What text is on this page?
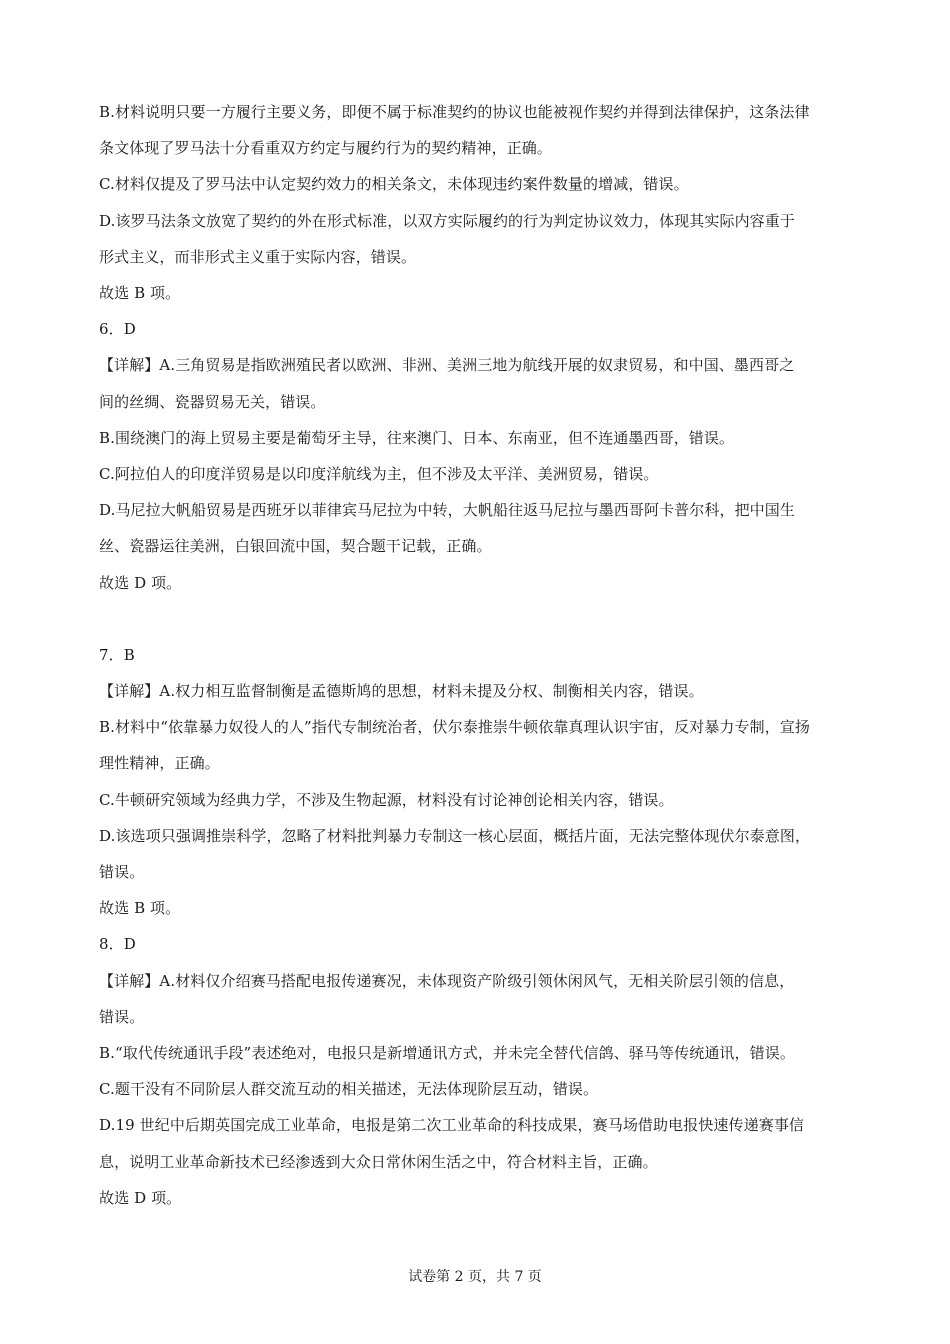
B.材料说明只要一方履行主要义务，即便不属于标准契约的协议也能被视作契约并得到法律保护，这条法律
条文体现了罗马法十分看重双方约定与履约行为的契约精神，正确。
C.材料仅提及了罗马法中认定契约效力的相关条文，未体现违约案件数量的增减，错误。
D.该罗马法条文放宽了契约的外在形式标准，以双方实际履约的行为判定协议效力，体现其实际内容重于
形式主义，而非形式主义重于实际内容，错误。
故选 B 项。
6．D
【详解】A.三角贸易是指欧洲殖民者以欧洲、非洲、美洲三地为航线开展的奴隶贸易，和中国、墨西哥之
间的丝绸、瓷器贸易无关，错误。
B.围绕澳门的海上贸易主要是葡萄牙主导，往来澳门、日本、东南亚，但不连通墨西哥，错误。
C.阿拉伯人的印度洋贸易是以印度洋航线为主，但不涉及太平洋、美洲贸易，错误。
D.马尼拉大帆船贸易是西班牙以菲律宾马尼拉为中转，大帆船往返马尼拉与墨西哥阿卡普尔科，把中国生
丝、瓷器运往美洲，白银回流中国，契合题干记载，正确。
故选 D 项。
7．B
【详解】A.权力相互监督制衡是孟德斯鸠的思想，材料未提及分权、制衡相关内容，错误。
B.材料中“依靠暴力奴役人的人”指代专制统治者，伏尔泰推崇牛顿依靠真理认识宇宙，反对暴力专制，宣扬
理性精神，正确。
C.牛顿研究领域为经典力学，不涉及生物起源，材料没有讨论神创论相关内容，错误。
D.该选项只强调推崇科学，忽略了材料批判暴力专制这一核心层面，概括片面，无法完整体现伏尔泰意图，
错误。
故选 B 项。
8．D
【详解】A.材料仅介绍赛马搭配电报传递赛况，未体现资产阶级引领休闲风气，无相关阶层引领的信息，
错误。
B.“取代传统通讯手段”表述绝对，电报只是新增通讯方式，并未完全替代信鸽、驿马等传统通讯，错误。
C.题干没有不同阶层人群交流互动的相关描述，无法体现阶层互动，错误。
D.19 世纪中后期英国完成工业革命，电报是第二次工业革命的科技成果，赛马场借助电报快速传递赛事信
息，说明工业革命新技术已经渗透到大众日常休闲生活之中，符合材料主旨，正确。
故选 D 项。
试卷第 2 页，共 7 页
